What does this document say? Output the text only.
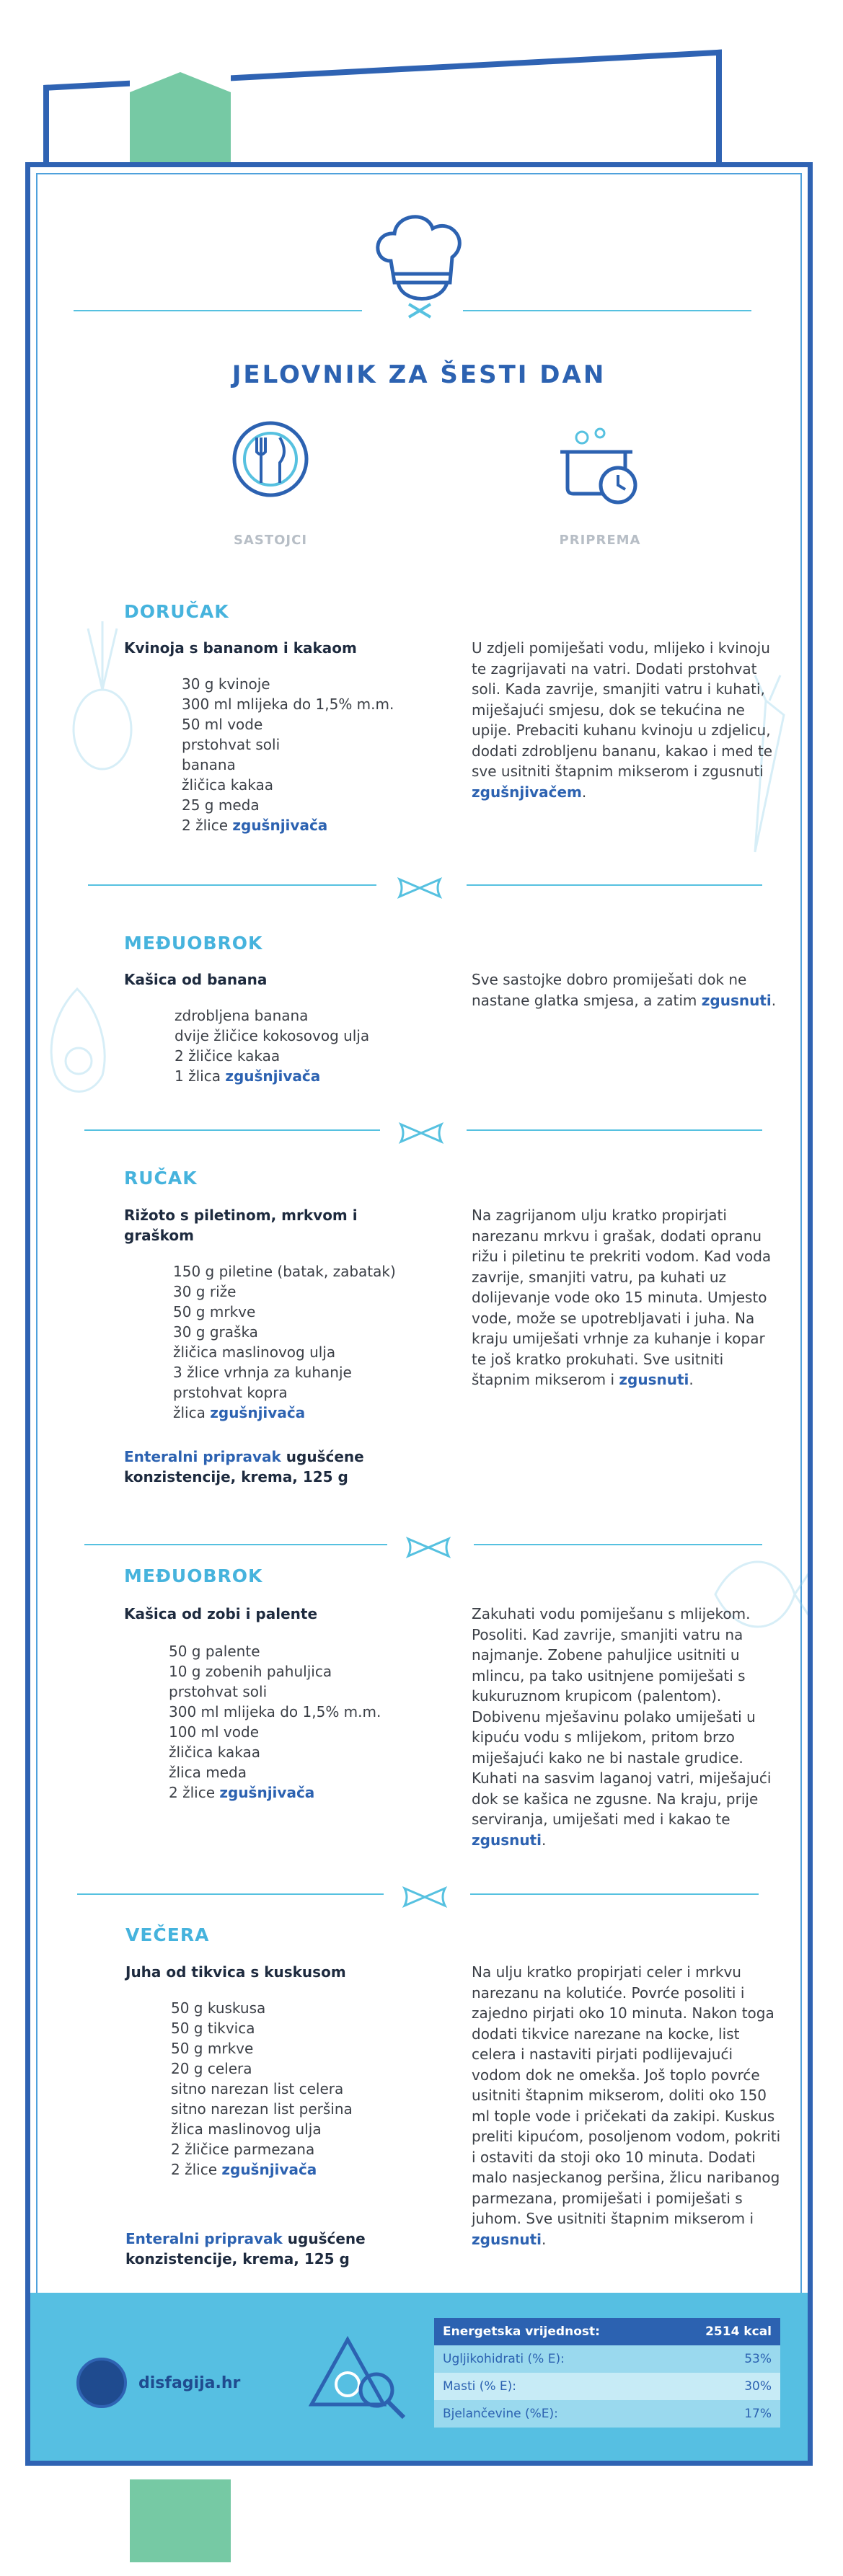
JELOVNIK ZA ŠESTI DAN
SASTOJCI	PRIPREMA
DORUČAK
Kvinoja s bananom i kakaom
30 g kvinoje
300 ml mlijeka do 1,5% m.m.
50 ml vode
prstohvat soli
banana
žličica kakaa
25 g meda
2 žlice zgušnjivača
U zdjeli pomiješati vodu, mlijeko i kvinoju te zagrijavati na vatri. Dodati prstohvat soli. Kada zavrije, smanjiti vatru i kuhati, miješajući smjesu, dok se tekućina ne upije. Prebaciti kuhanu kvinoju u zdjelicu, dodati zdrobljenu bananu, kakao i med te sve usitniti štapnim mikserom i zgusnuti zgušnjivačem.
MEĐUOBROK
Kašica od banana
zdrobljena banana
dvije žličice kokosovog ulja
2 žličice kakaa
1 žlica zgušnjivača
Sve sastojke dobro promiješati dok ne nastane glatka smjesa, a zatim zgusnuti.
RUČAK
Rižoto s piletinom, mrkvom i graškom
150 g piletine (batak, zabatak)
30 g riže
50 g mrkve
30 g graška
žličica maslinovog ulja
3 žlice vrhnja za kuhanje
prstohvat kopra
žlica zgušnjivača
Na zagrijanom ulju kratko propirjati narezanu mrkvu i grašak, dodati opranu rižu i piletinu te prekriti vodom. Kad voda zavrije, smanjiti vatru, pa kuhati uz dolijevanje vode oko 15 minuta. Umjesto vode, može se upotrebljavati i juha. Na kraju umiješati vrhnje za kuhanje i kopar te još kratko prokuhati. Sve usitniti štapnim mikserom i zgusnuti.
Enteralni pripravak ugušćene konzistencije, krema, 125 g
MEĐUOBROK
Kašica od zobi i palente
50 g palente
10 g zobenih pahuljica
prstohvat soli
300 ml mlijeka do 1,5% m.m.
100 ml vode
žličica kakaa
žlica meda
2 žlice zgušnjivača
Zakuhati vodu pomiješanu s mlijekom. Posoliti. Kad zavrije, smanjiti vatru na najmanje. Zobene pahuljice usitniti u mlincu, pa tako usitnjene pomiješati s kukuruznom krupicom (palentom). Dobivenu mješavinu polako umiješati u kipuću vodu s mlijekom, pritom brzo miješajući kako ne bi nastale grudice. Kuhati na sasvim laganoj vatri, miješajući dok se kašica ne zgusne. Na kraju, prije serviranja, umiješati med i kakao te zgusnuti.
VEČERA
Juha od tikvica s kuskusom
50 g kuskusa
50 g tikvica
50 g mrkve
20 g celera
sitno narezan list celera
sitno narezan list peršina
žlica maslinovog ulja
2 žličice parmezana
2 žlice zgušnjivača
Na ulju kratko propirjati celer i mrkvu narezanu na kolutiće. Povrće posoliti i zajedno pirjati oko 10 minuta. Nakon toga dodati tikvice narezane na kocke, list celera i nastaviti pirjati podlijevajući vodom dok ne omekša. Još toplo povrće usitniti štapnim mikserom, doliti oko 150 ml tople vode i pričekati da zakipi. Kuskus preliti kipućom, posoljenom vodom, pokriti i ostaviti da stoji oko 10 minuta. Dodati malo nasjeckanog peršina, žlicu naribanog parmezana, promiješati i pomiješati s juhom. Sve usitniti štapnim mikserom i zgusnuti.
Enteralni pripravak ugušćene konzistencije, krema, 125 g
disfagija.hr
Energetska vrijednost:	2514 kcal
Ugljikohidrati (% E):	53%
Masti (% E):	30%
Bjelančevine (%E):	17%
